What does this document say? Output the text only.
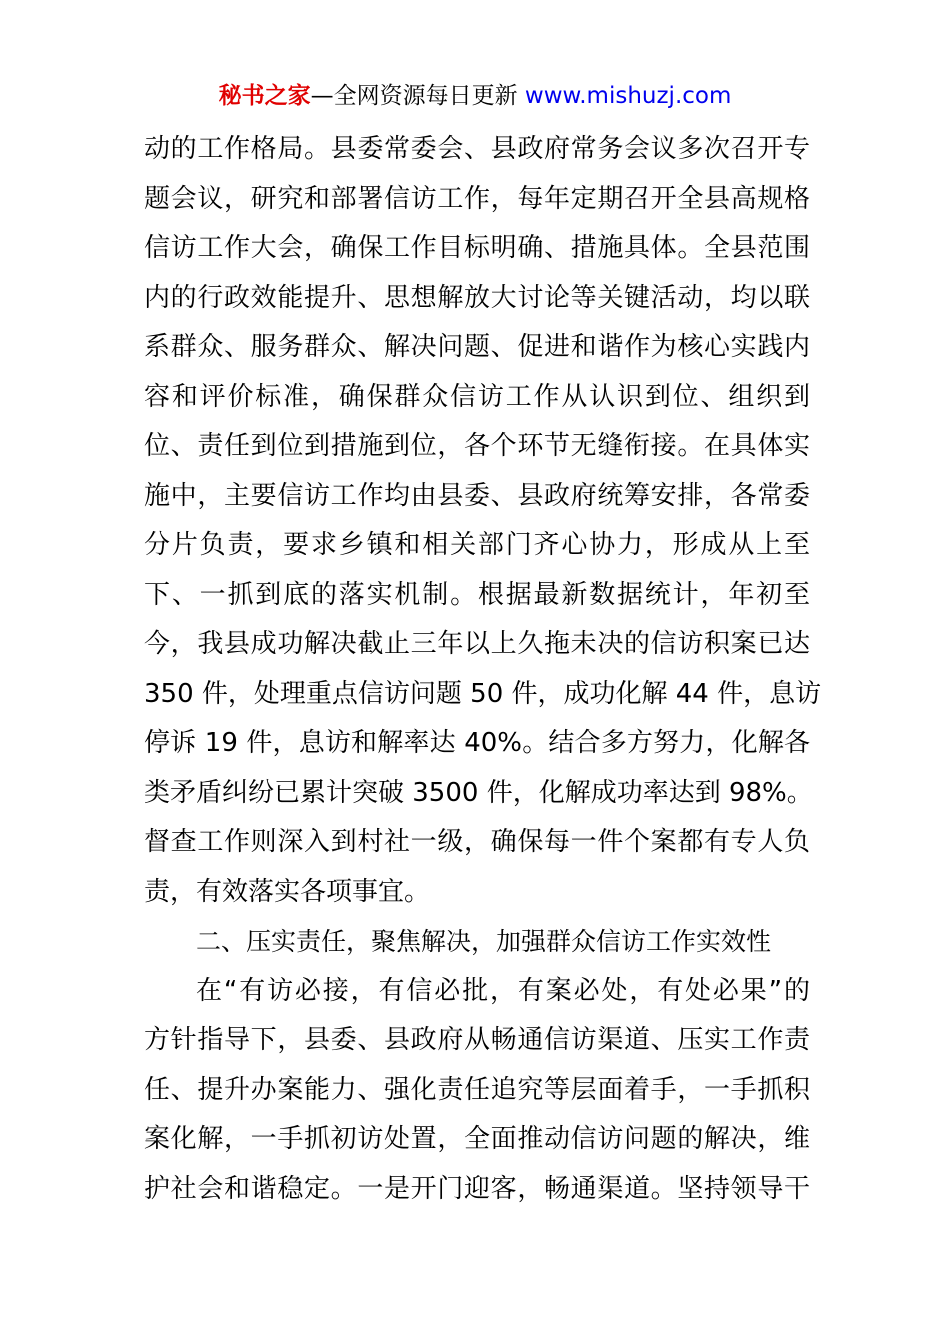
秘书之家—全网资源每日更新 www.mishuzj.com
动的工作格局。县委常委会、县政府常务会议多次召开专
题会议，研究和部署信访工作，每年定期召开全县高规格
信访工作大会，确保工作目标明确、措施具体。全县范围
内的行政效能提升、思想解放大讨论等关键活动，均以联
系群众、服务群众、解决问题、促进和谐作为核心实践内
容和评价标准，确保群众信访工作从认识到位、组织到
位、责任到位到措施到位，各个环节无缝衔接。在具体实
施中，主要信访工作均由县委、县政府统筹安排，各常委
分片负责，要求乡镇和相关部门齐心协力，形成从上至
下、一抓到底的落实机制。根据最新数据统计，年初至
今，我县成功解决截止三年以上久拖未决的信访积案已达
350 件，处理重点信访问题 50 件，成功化解 44 件，息访
停诉 19 件，息访和解率达 40%。结合多方努力，化解各
类矛盾纠纷已累计突破 3500 件，化解成功率达到 98%。
督查工作则深入到村社一级，确保每一件个案都有专人负
责，有效落实各项事宜。
二、压实责任，聚焦解决，加强群众信访工作实效性
在“有访必接，有信必批，有案必处，有处必果”的
方针指导下，县委、县政府从畅通信访渠道、压实工作责
任、提升办案能力、强化责任追究等层面着手，一手抓积
案化解，一手抓初访处置，全面推动信访问题的解决，维
护社会和谐稳定。一是开门迎客，畅通渠道。坚持领导干
